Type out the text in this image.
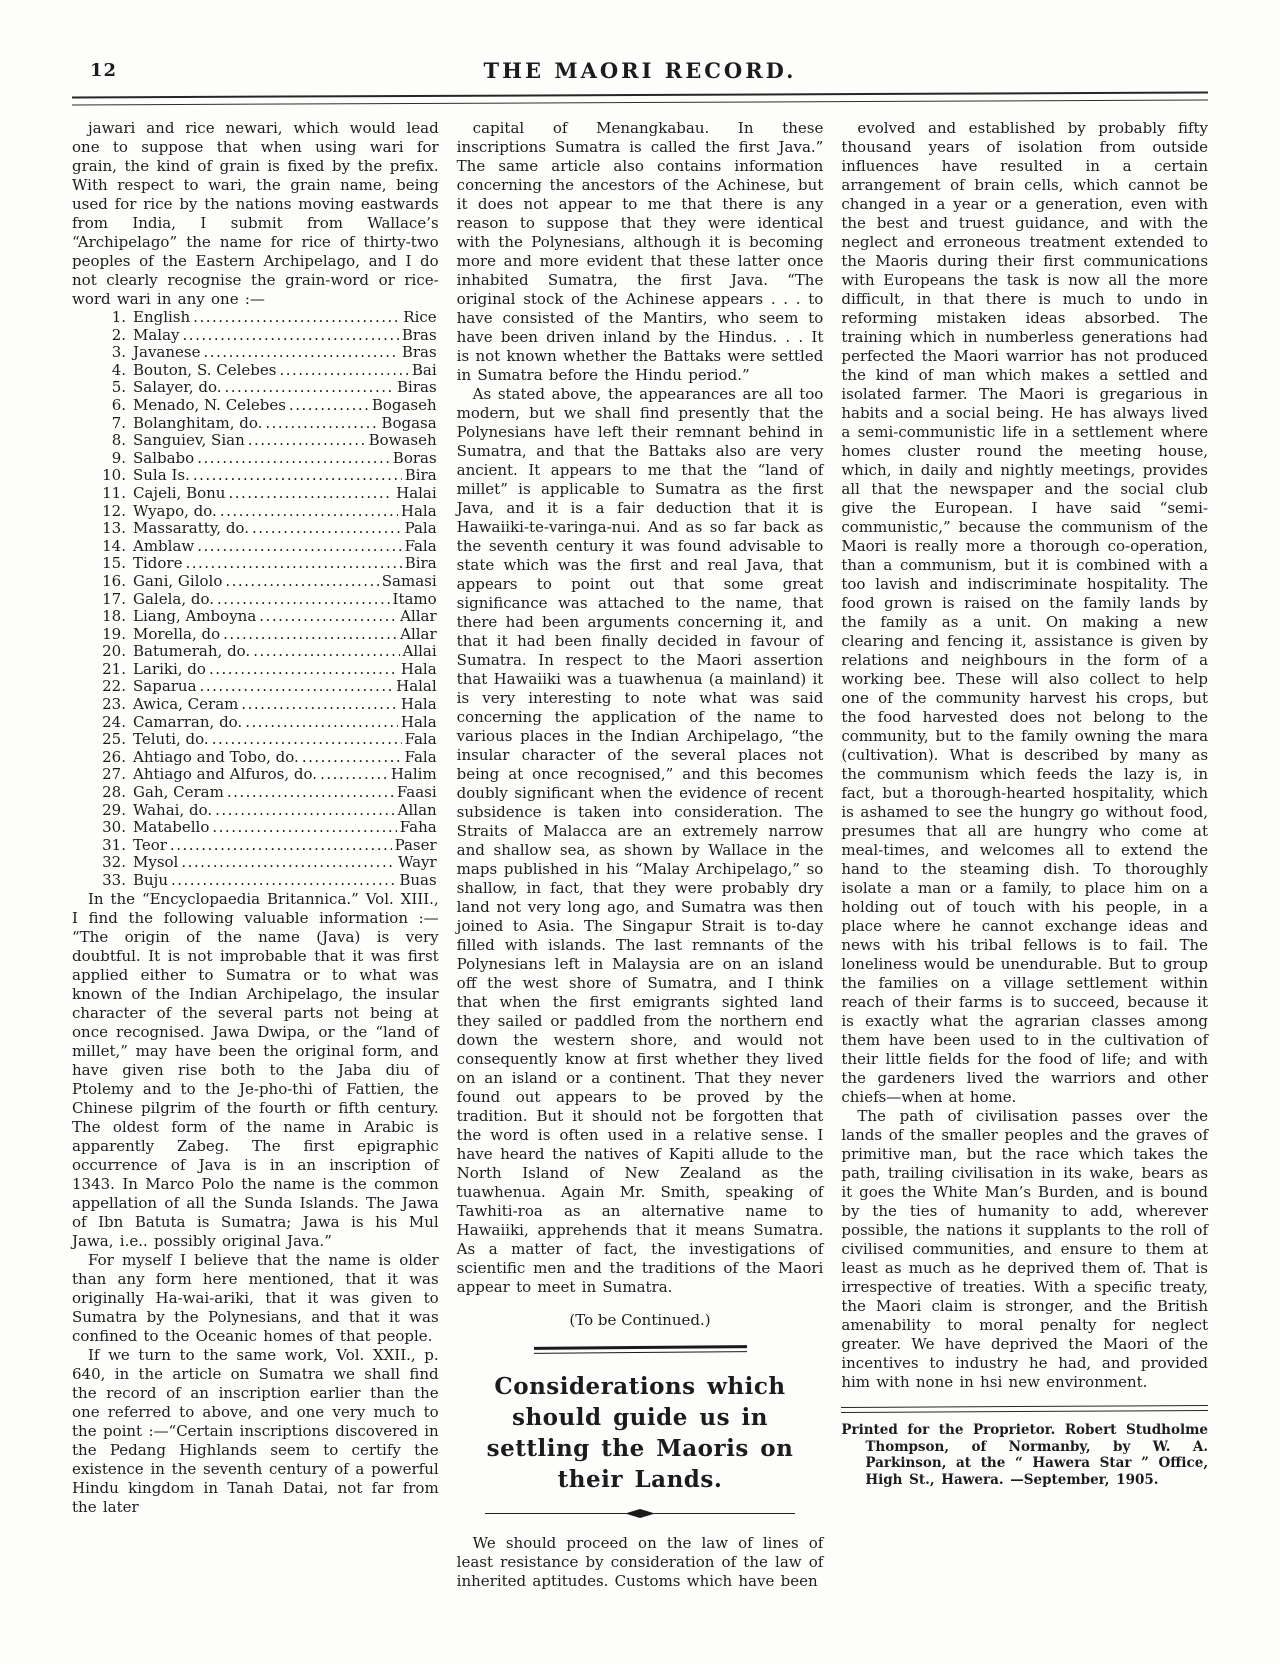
12	THE MAORI RECORD.

jawari and rice newari, which would lead one to suppose that when using wari for grain, the kind of grain is fixed by the prefix. With respect to wari, the grain name, being used for rice by the nations moving eastwards from India, I submit from Wallace’s “Archipelago” the name for rice of thirty-two peoples of the Eastern Archipelago, and I do not clearly recognise the grain-word or rice-word wari in any one :—

1. English .....	Rice
2. Malay .....	Bras
3. Javanese .....	Bras
4. Bouton, S. Celebes .....	Bai
5. Salayer, do. .....	Biras
6. Menado, N. Celebes .....	Bogaseh
7. Bolanghitam, do. .....	Bogasa
8. Sanguiev, Sian .....	Bowaseh
9. Salbabo .....	Boras
10. Sula Is. .....	Bira
11. Cajeli, Bonu .....	Halai
12. Wyapo, do. .....	Hala
13. Massaratty, do. .....	Pala
14. Amblaw .....	Fala
15. Tidore .....	Bira
16. Gani, Gilolo .....	Samasi
17. Galela, do. .....	Itamo
18. Liang, Amboyna .....	Allar
19. Morella, do .....	Allar
20. Batumerah, do. .....	Allai
21. Lariki, do .....	Hala
22. Saparua .....	Halal
23. Awica, Ceram .....	Hala
24. Camarran, do. .....	Hala
25. Teluti, do. .....	Fala
26. Ahtiago and Tobo, do. .....	Fala
27. Ahtiago and Alfuros, do. .....	Halim
28. Gah, Ceram .....	Faasi
29. Wahai, do. .....	Allan
30. Matabello .....	Faha
31. Teor .....	Paser
32. Mysol .....	Wayr
33. Buju .....	Buas

In the “Encyclopaedia Britannica.” Vol. XIII., I find the following valuable information :— “The origin of the name (Java) is very doubtful. It is not improbable that it was first applied either to Sumatra or to what was known of the Indian Archipelago, the insular character of the several parts not being at once recognised. Jawa Dwipa, or the “land of millet,” may have been the original form, and have given rise both to the Jaba diu of Ptolemy and to the Je-pho-thi of Fattien, the Chinese pilgrim of the fourth or fifth century. The oldest form of the name in Arabic is apparently Zabeg. The first epigraphic occurrence of Java is in an inscription of 1343. In Marco Polo the name is the common appellation of all the Sunda Islands. The Jawa of Ibn Batuta is Sumatra; Jawa is his Mul Jawa, i.e.. possibly original Java.”

For myself I believe that the name is older than any form here mentioned, that it was originally Ha-wai-ariki, that it was given to Sumatra by the Polynesians, and that it was confined to the Oceanic homes of that people.

If we turn to the same work, Vol. XXII., p. 640, in the article on Sumatra we shall find the record of an inscription earlier than the one referred to above, and one very much to the point :—“Certain inscriptions discovered in the Pedang Highlands seem to certify the existence in the seventh century of a powerful Hindu kingdom in Tanah Datai, not far from the later

capital of Menangkabau. In these inscriptions Sumatra is called the first Java.” The same article also contains information concerning the ancestors of the Achinese, but it does not appear to me that there is any reason to suppose that they were identical with the Polynesians, although it is becoming more and more evident that these latter once inhabited Sumatra, the first Java. “The original stock of the Achinese appears . . . to have consisted of the Mantirs, who seem to have been driven inland by the Hindus. . . It is not known whether the Battaks were settled in Sumatra before the Hindu period.”

As stated above, the appearances are all too modern, but we shall find presently that the Polynesians have left their remnant behind in Sumatra, and that the Battaks also are very ancient. It appears to me that the “land of millet” is applicable to Sumatra as the first Java, and it is a fair deduction that it is Hawaiiki-te-varinga-nui. And as so far back as the seventh century it was found advisable to state which was the first and real Java, that appears to point out that some great significance was attached to the name, that there had been arguments concerning it, and that it had been finally decided in favour of Sumatra. In respect to the Maori assertion that Hawaiiki was a tuawhenua (a mainland) it is very interesting to note what was said concerning the application of the name to various places in the Indian Archipelago, “the insular character of the several places not being at once recognised,” and this becomes doubly significant when the evidence of recent subsidence is taken into consideration. The Straits of Malacca are an extremely narrow and shallow sea, as shown by Wallace in the maps published in his “Malay Archipelago,” so shallow, in fact, that they were probably dry land not very long ago, and Sumatra was then joined to Asia. The Singapur Strait is to-day filled with islands. The last remnants of the Polynesians left in Malaysia are on an island off the west shore of Sumatra, and I think that when the first emigrants sighted land they sailed or paddled from the northern end down the western shore, and would not consequently know at first whether they lived on an island or a continent. That they never found out appears to be proved by the tradition. But it should not be forgotten that the word is often used in a relative sense. I have heard the natives of Kapiti allude to the North Island of New Zealand as the tuawhenua. Again Mr. Smith, speaking of Tawhiti-roa as an alternative name to Hawaiiki, apprehends that it means Sumatra. As a matter of fact, the investigations of scientific men and the traditions of the Maori appear to meet in Sumatra.

(To be Continued.)

Considerations which should guide us in settling the Maoris on their Lands.

We should proceed on the law of lines of least resistance by consideration of the law of inherited aptitudes. Customs which have been

evolved and established by probably fifty thousand years of isolation from outside influences have resulted in a certain arrangement of brain cells, which cannot be changed in a year or a generation, even with the best and truest guidance, and with the neglect and erroneous treatment extended to the Maoris during their first communications with Europeans the task is now all the more difficult, in that there is much to undo in reforming mistaken ideas absorbed. The training which in numberless generations had perfected the Maori warrior has not produced the kind of man which makes a settled and isolated farmer. The Maori is gregarious in habits and a social being. He has always lived a semi-communistic life in a settlement where homes cluster round the meeting house, which, in daily and nightly meetings, provides all that the newspaper and the social club give the European. I have said “semi-communistic,” because the communism of the Maori is really more a thorough co-operation, than a communism, but it is combined with a too lavish and indiscriminate hospitality. The food grown is raised on the family lands by the family as a unit. On making a new clearing and fencing it, assistance is given by relations and neighbours in the form of a working bee. These will also collect to help one of the community harvest his crops, but the food harvested does not belong to the community, but to the family owning the mara (cultivation). What is described by many as the communism which feeds the lazy is, in fact, but a thorough-hearted hospitality, which is ashamed to see the hungry go without food, presumes that all are hungry who come at meal-times, and welcomes all to extend the hand to the steaming dish. To thoroughly isolate a man or a family, to place him on a holding out of touch with his people, in a place where he cannot exchange ideas and news with his tribal fellows is to fail. The loneliness would be unendurable. But to group the families on a village settlement within reach of their farms is to succeed, because it is exactly what the agrarian classes among them have been used to in the cultivation of their little fields for the food of life; and with the gardeners lived the warriors and other chiefs—when at home.

The path of civilisation passes over the lands of the smaller peoples and the graves of primitive man, but the race which takes the path, trailing civilisation in its wake, bears as it goes the White Man’s Burden, and is bound by the ties of humanity to add, wherever possible, the nations it supplants to the roll of civilised communities, and ensure to them at least as much as he deprived them of. That is irrespective of treaties. With a specific treaty, the Maori claim is stronger, and the British amenability to moral penalty for neglect greater. We have deprived the Maori of the incentives to industry he had, and provided him with none in hsi new environment.

Printed for the Proprietor. Robert Studholme Thompson, of Normanby, by W. A. Parkinson, at the “ Hawera Star ” Office, High St., Hawera. —September, 1905.
